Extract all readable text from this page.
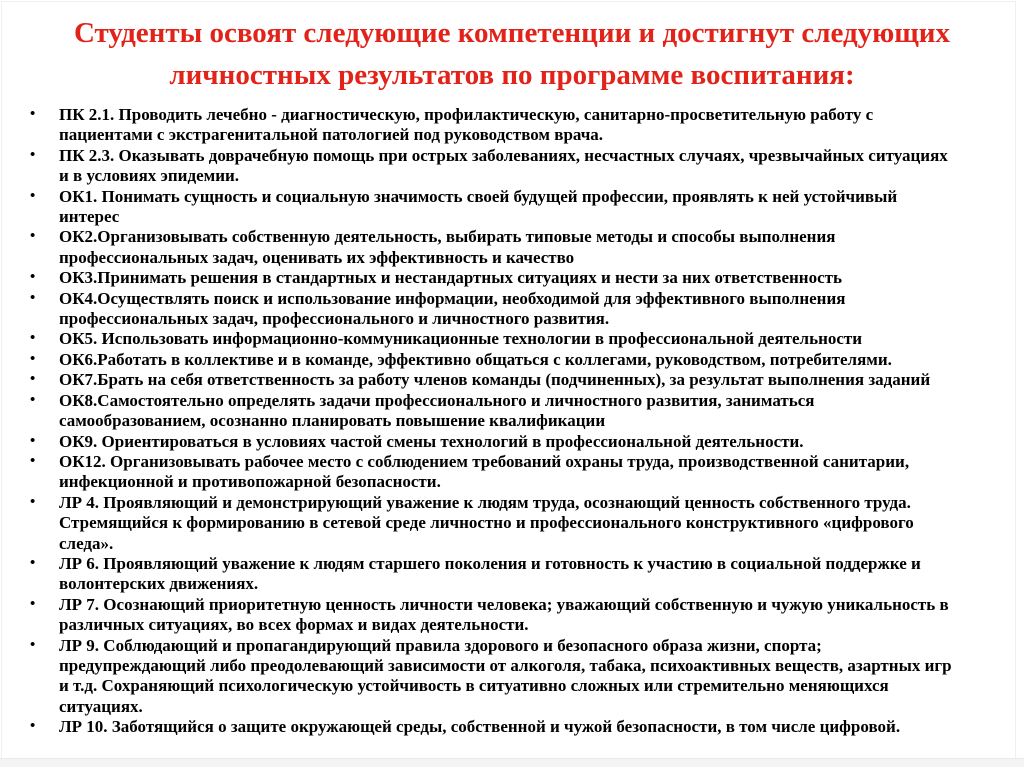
Студенты освоят следующие компетенции и достигнут следующих
личностных результатов по программе воспитания:
• ПК 2.1. Проводить лечебно - диагностическую, профилактическую, санитарно-просветительную работу с пациентами с экстрагенитальной патологией под руководством врача.
• ПК 2.3. Оказывать доврачебную помощь при острых заболеваниях, несчастных случаях, чрезвычайных ситуациях и в условиях эпидемии.
• ОК1. Понимать сущность и социальную значимость своей будущей профессии, проявлять к ней устойчивый интерес
• ОК2.Организовывать собственную деятельность, выбирать типовые методы и способы выполнения профессиональных задач, оценивать их эффективность и качество
• ОК3.Принимать решения в стандартных и нестандартных ситуациях и нести за них ответственность
• ОК4.Осуществлять поиск и использование информации, необходимой для эффективного выполнения профессиональных задач, профессионального и личностного развития.
• ОК5. Использовать информационно-коммуникационные технологии в профессиональной деятельности
• ОК6.Работать в коллективе и в команде, эффективно общаться с коллегами, руководством, потребителями.
• ОК7.Брать на себя ответственность за работу членов команды (подчиненных), за результат выполнения заданий
• ОК8.Самостоятельно определять задачи профессионального и личностного развития, заниматься самообразованием, осознанно планировать повышение квалификации
• ОК9. Ориентироваться в условиях частой смены технологий в профессиональной деятельности.
• ОК12. Организовывать рабочее место с соблюдением требований охраны труда, производственной санитарии, инфекционной и противопожарной безопасности.
• ЛР 4. Проявляющий и демонстрирующий уважение к людям труда, осознающий ценность собственного труда. Стремящийся к формированию в сетевой среде личностно и профессионального конструктивного «цифрового следа».
• ЛР 6. Проявляющий уважение к людям старшего поколения и готовность к участию в социальной поддержке и волонтерских движениях.
• ЛР 7. Осознающий приоритетную ценность личности человека; уважающий собственную и чужую уникальность в различных ситуациях, во всех формах и видах деятельности.
• ЛР 9. Соблюдающий и пропагандирующий правила здорового и безопасного образа жизни, спорта; предупреждающий либо преодолевающий зависимости от алкоголя, табака, психоактивных веществ, азартных игр и т.д. Сохраняющий психологическую устойчивость в ситуативно сложных или стремительно меняющихся ситуациях.
• ЛР 10. Заботящийся о защите окружающей среды, собственной и чужой безопасности, в том числе цифровой.
